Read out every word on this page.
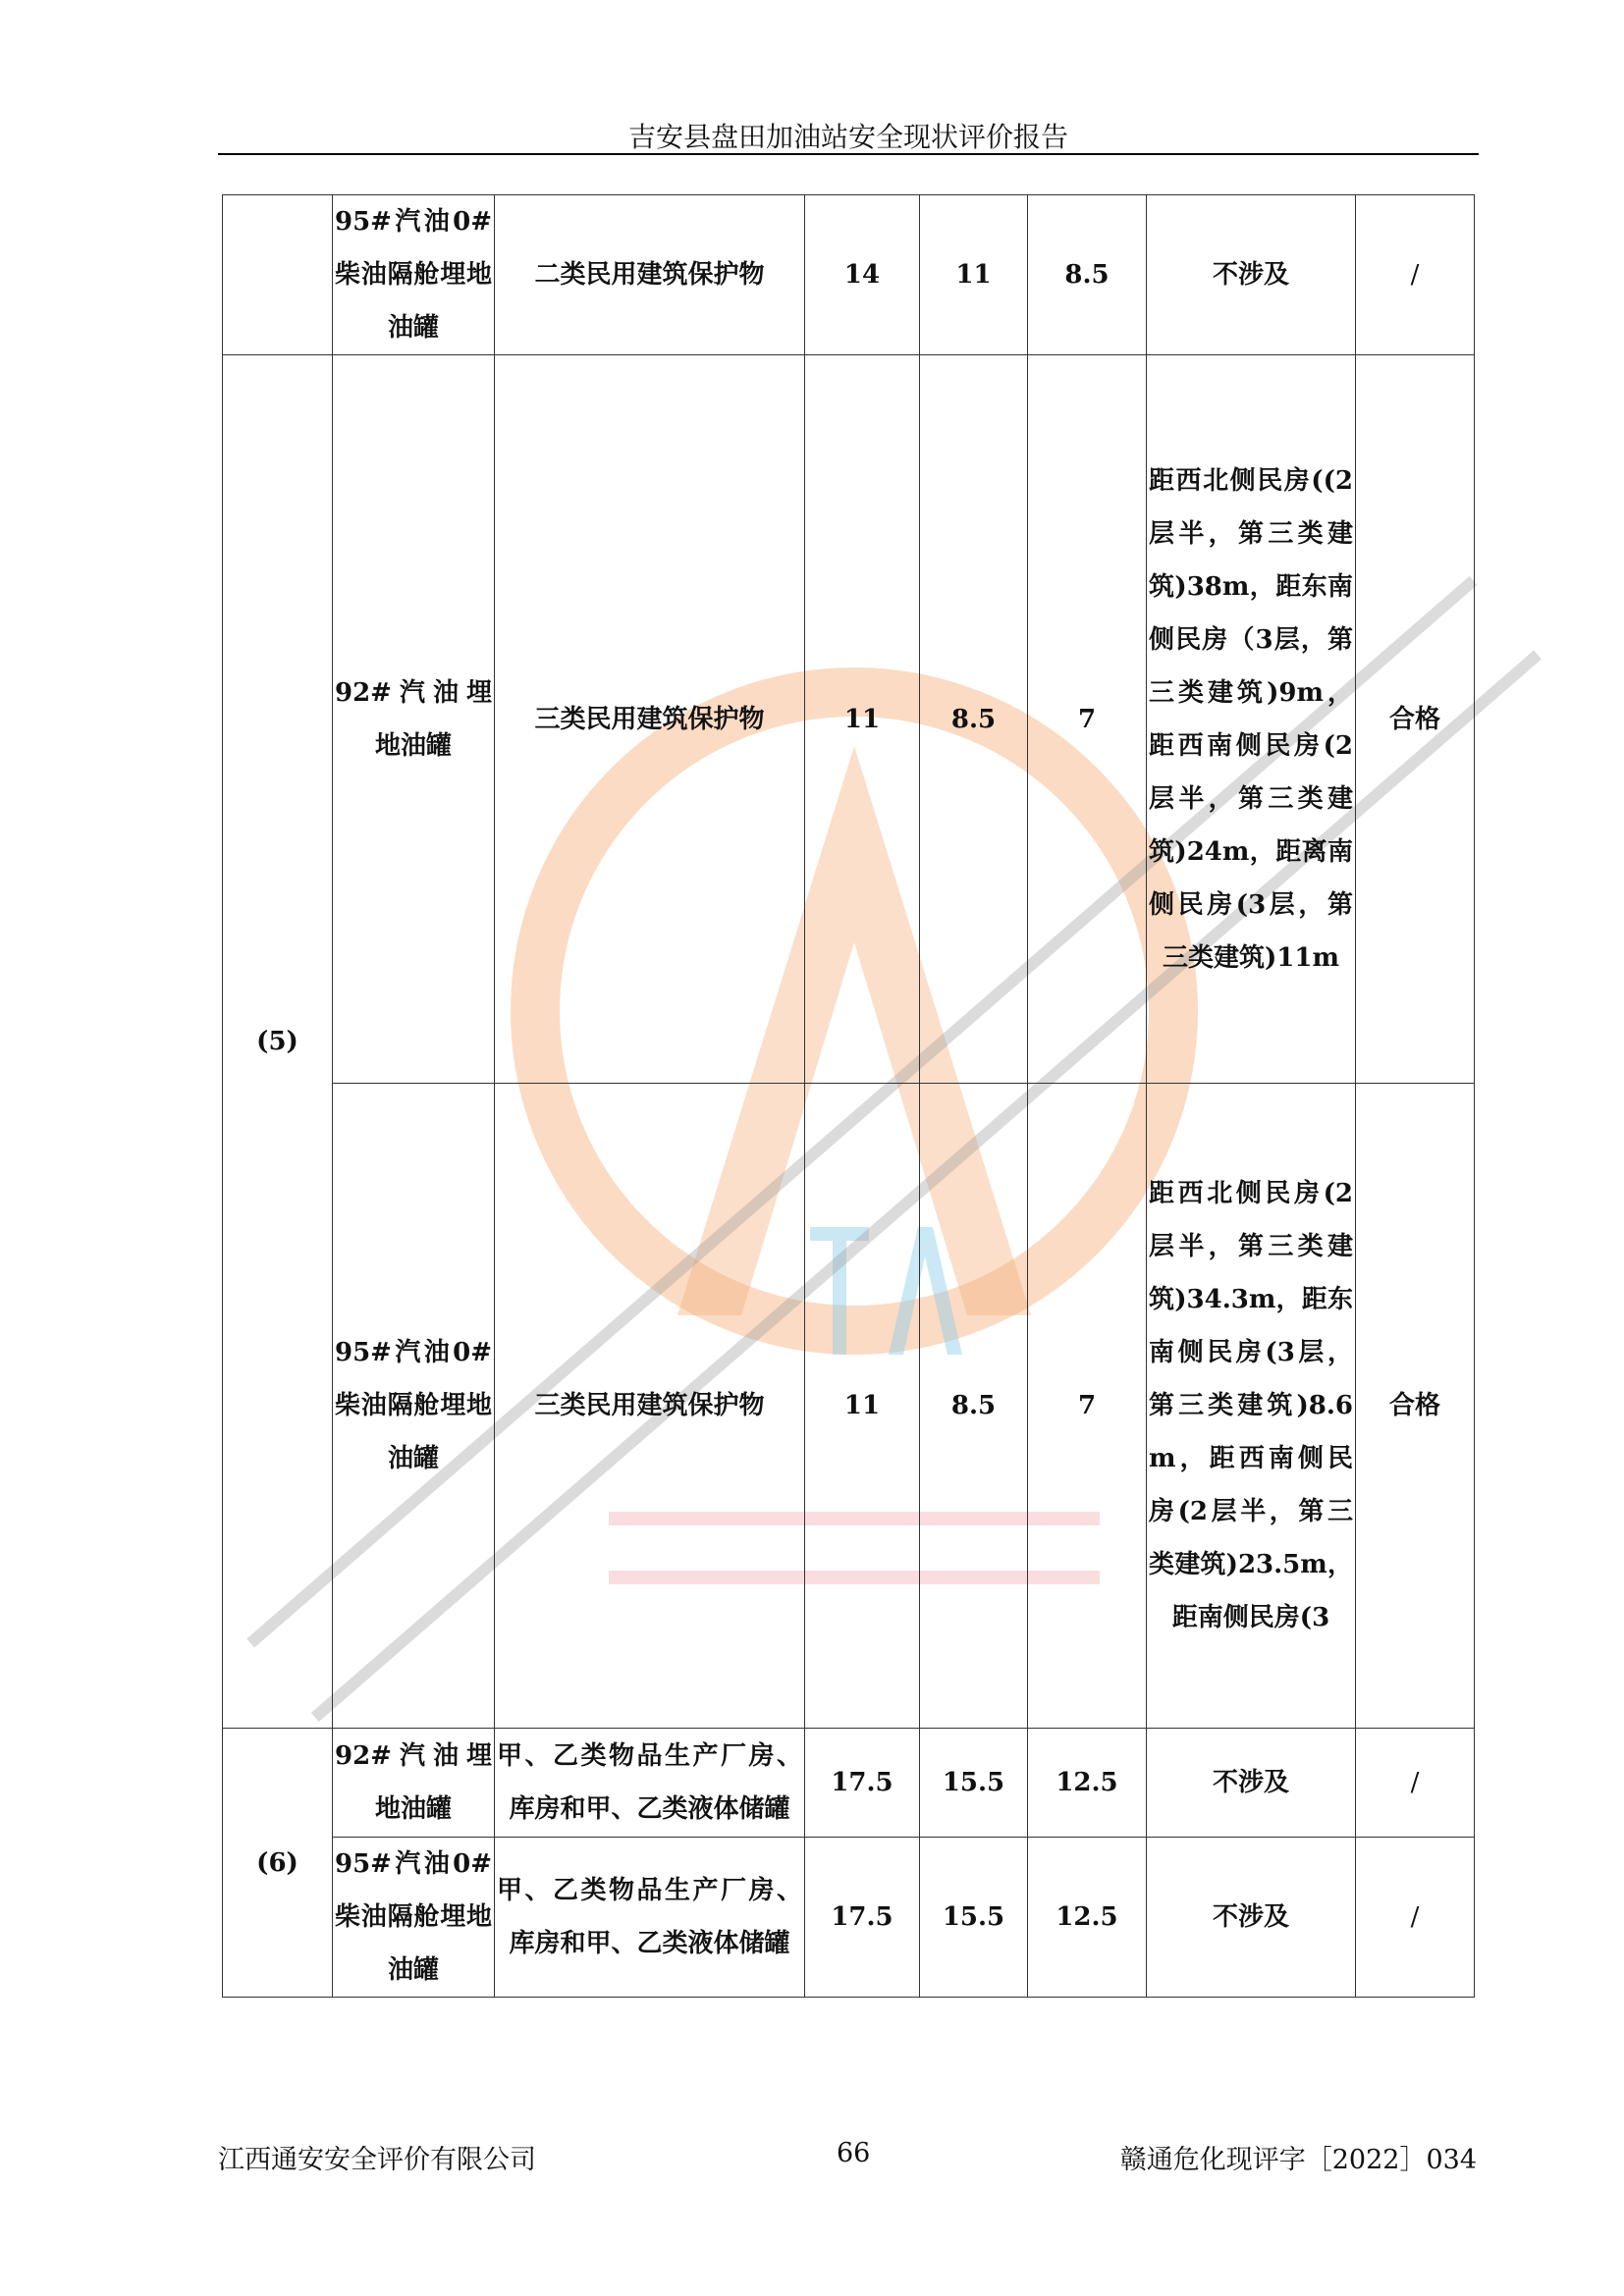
吉安县盘田加油站安全现状评价报告
	95#汽油0#柴油隔舱埋地油罐	二类民用建筑保护物	14	11	8.5	不涉及	/
(5)	92#汽油埋地油罐	三类民用建筑保护物	11	8.5	7	距西北侧民房((2层半，第三类建筑)38m，距东南侧民房（3层，第三类建筑)9m，距西南侧民房(2层半，第三类建筑)24m，距离南侧民房(3层，第三类建筑)11m	合格
	95#汽油0#柴油隔舱埋地油罐	三类民用建筑保护物	11	8.5	7	距西北侧民房(2层半，第三类建筑)34.3m，距东南侧民房(3层，第三类建筑)8.6m，距西南侧民房(2层半，第三类建筑)23.5m，距南侧民房(3	合格
(6)	92#汽油埋地油罐	甲、乙类物品生产厂房、库房和甲、乙类液体储罐	17.5	15.5	12.5	不涉及	/
	95#汽油0#柴油隔舱埋地油罐	甲、乙类物品生产厂房、库房和甲、乙类液体储罐	17.5	15.5	12.5	不涉及	/
江西通安安全评价有限公司	66	赣通危化现评字［2022］034
